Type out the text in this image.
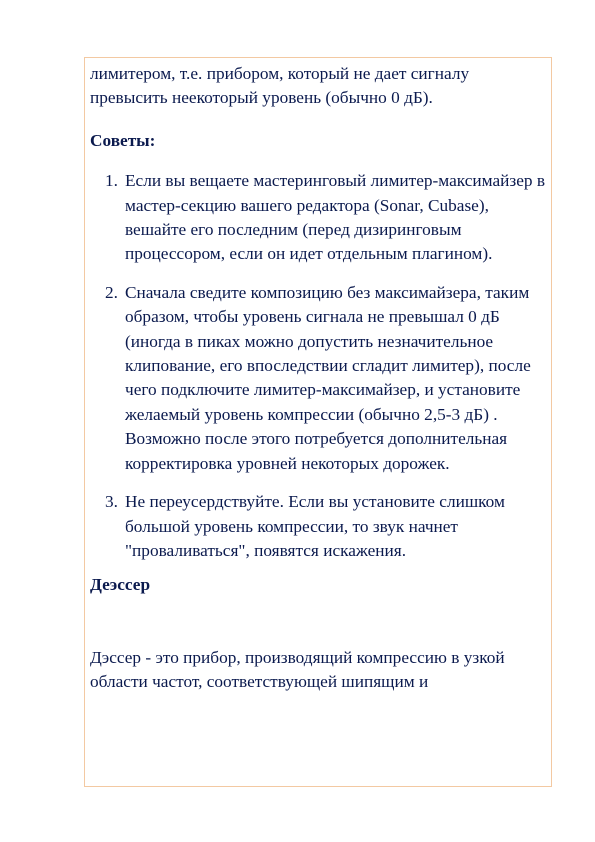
лимитером, т.е. прибором, который не дает сигналу превысить неекоторый уровень (обычно 0 дБ).

Советы:

1. Если вы вещаете мастеринговый лимитер-максимайзер в мастер-секцию вашего редактора (Sonar, Cubase), вешайте его последним (перед дизиринговым процессором, если он идет отдельным плагином).
2. Сначала сведите композицию без максимайзера, таким образом, чтобы уровень сигнала не превышал 0 дБ (иногда в пиках можно допустить незначительное клипование, его впоследствии сгладит лимитер), после чего подключите лимитер-максимайзер, и установите желаемый уровень компрессии (обычно 2,5-3 дБ) . Возможно после этого потребуется дополнительная корректировка уровней некоторых дорожек.
3. Не переусердствуйте. Если вы установите слишком большой уровень компрессии, то звук начнет "проваливаться", появятся искажения.

Деэссер

Дэссер - это прибор, производящий компрессию в узкой области частот, соответствующей шипящим и
